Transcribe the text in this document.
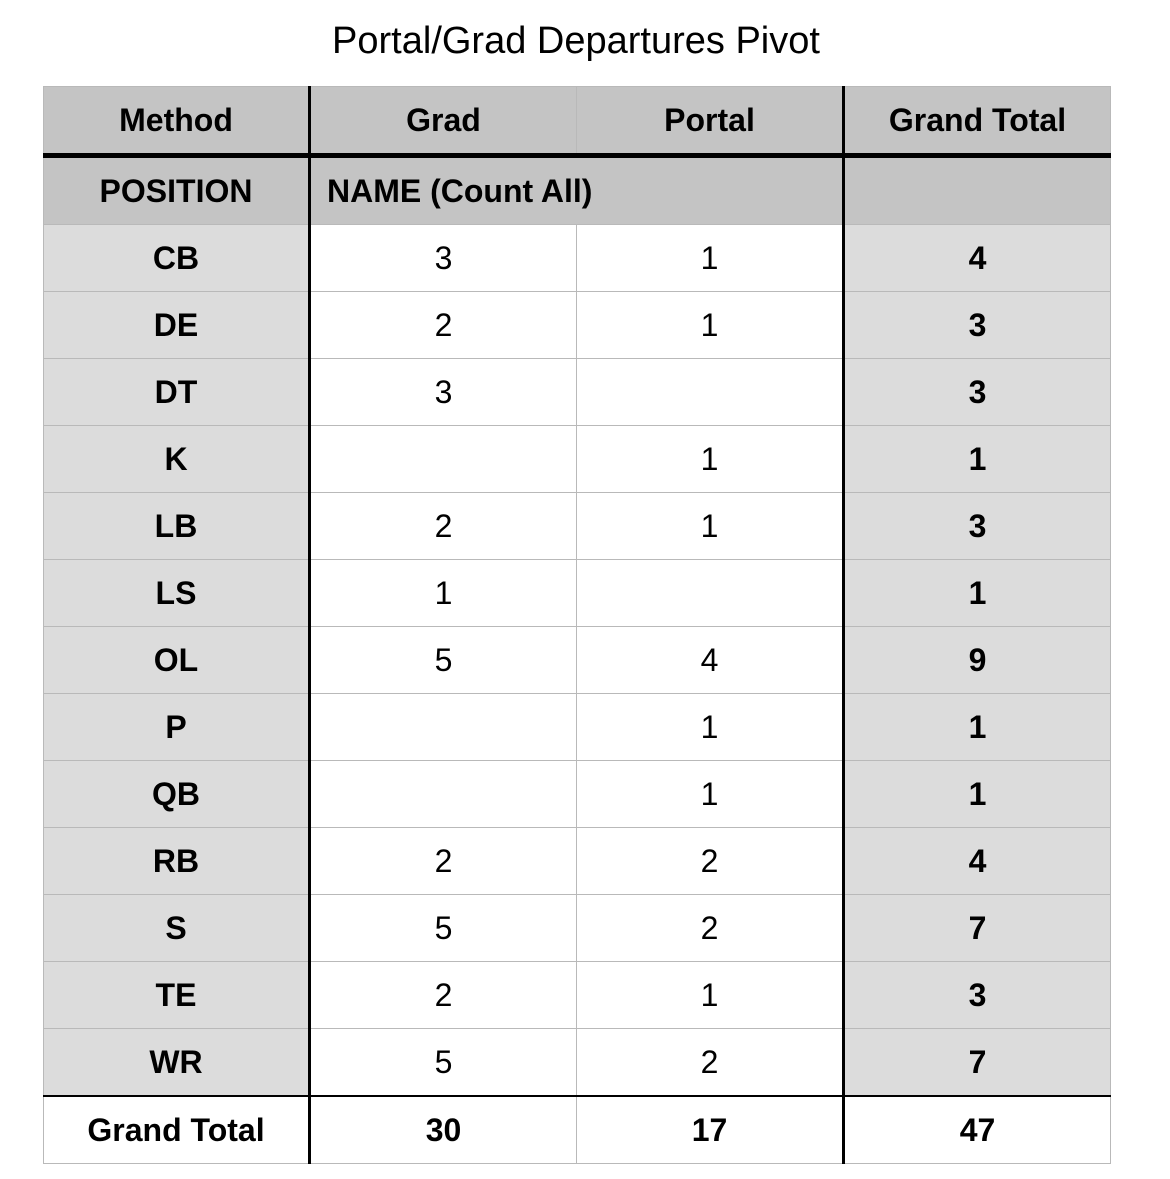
Portal/Grad Departures Pivot
Method	Grad	Portal	Grand Total
POSITION	NAME (Count All)		
CB	3	1	4
DE	2	1	3
DT	3		3
K		1	1
LB	2	1	3
LS	1		1
OL	5	4	9
P		1	1
QB		1	1
RB	2	2	4
S	5	2	7
TE	2	1	3
WR	5	2	7
Grand Total	30	17	47
